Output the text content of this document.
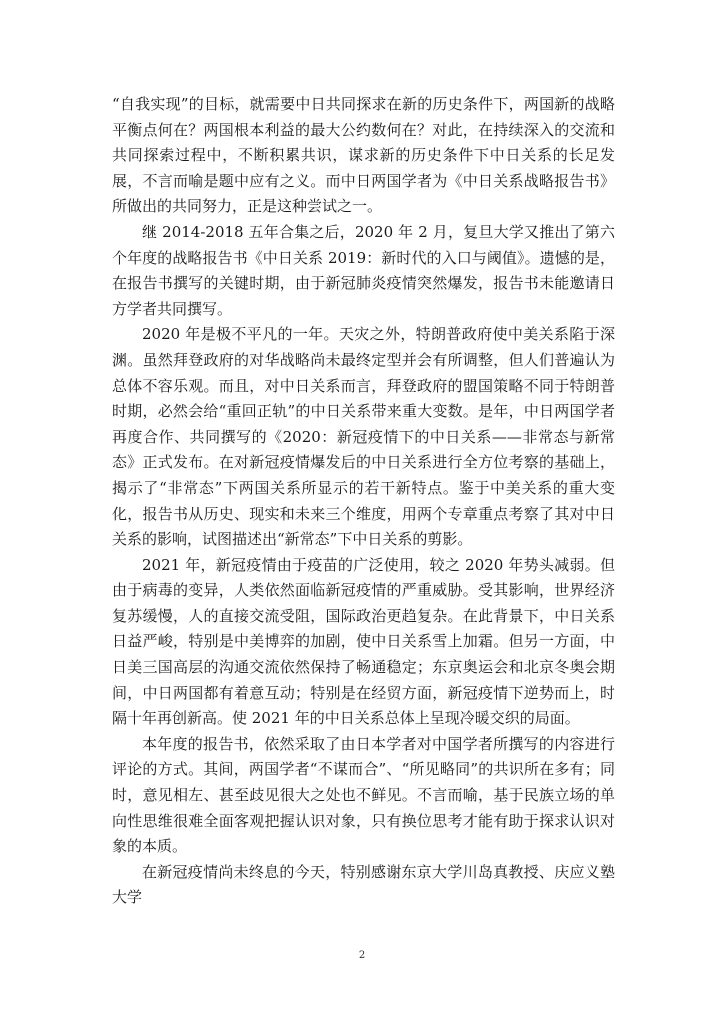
“自我实现”的目标，就需要中日共同探求在新的历史条件下，两国新的战略平衡点何在？两国根本利益的最大公约数何在？对此，在持续深入的交流和共同探索过程中，不断积累共识，谋求新的历史条件下中日关系的长足发展，不言而喻是题中应有之义。而中日两国学者为《中日关系战略报告书》所做出的共同努力，正是这种尝试之一。

继 2014-2018 五年合集之后，2020 年 2 月，复旦大学又推出了第六个年度的战略报告书《中日关系 2019：新时代的入口与阈值》。遗憾的是，在报告书撰写的关键时期，由于新冠肺炎疫情突然爆发，报告书未能邀请日方学者共同撰写。

2020 年是极不平凡的一年。天灾之外，特朗普政府使中美关系陷于深渊。虽然拜登政府的对华战略尚未最终定型并会有所调整，但人们普遍认为总体不容乐观。而且，对中日关系而言，拜登政府的盟国策略不同于特朗普时期，必然会给“重回正轨”的中日关系带来重大变数。是年，中日两国学者再度合作、共同撰写的《2020：新冠疫情下的中日关系——非常态与新常态》正式发布。在对新冠疫情爆发后的中日关系进行全方位考察的基础上，揭示了“非常态”下两国关系所显示的若干新特点。鉴于中美关系的重大变化，报告书从历史、现实和未来三个维度，用两个专章重点考察了其对中日关系的影响，试图描述出“新常态”下中日关系的剪影。

2021 年，新冠疫情由于疫苗的广泛使用，较之 2020 年势头减弱。但由于病毒的变异，人类依然面临新冠疫情的严重威胁。受其影响，世界经济复苏缓慢，人的直接交流受阻，国际政治更趋复杂。在此背景下，中日关系日益严峻，特别是中美博弈的加剧，使中日关系雪上加霜。但另一方面，中日美三国高层的沟通交流依然保持了畅通稳定；东京奥运会和北京冬奥会期间，中日两国都有着意互动；特别是在经贸方面，新冠疫情下逆势而上，时隔十年再创新高。使 2021 年的中日关系总体上呈现冷暖交织的局面。

本年度的报告书，依然采取了由日本学者对中国学者所撰写的内容进行评论的方式。其间，两国学者“不谋而合”、“所见略同”的共识所在多有；同时，意见相左、甚至歧见很大之处也不鲜见。不言而喻，基于民族立场的单向性思维很难全面客观把握认识对象，只有换位思考才能有助于探求认识对象的本质。

在新冠疫情尚未终息的今天，特别感谢东京大学川岛真教授、庆应义塾大学

2
